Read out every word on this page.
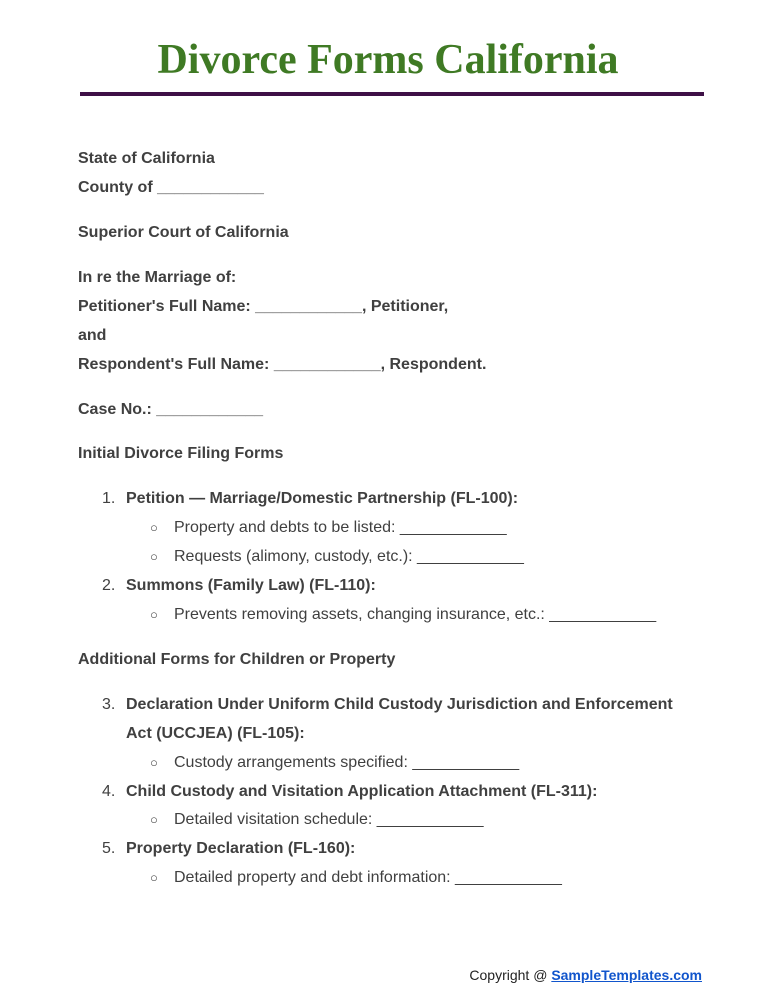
Divorce Forms California
State of California
County of ____________
Superior Court of California
In re the Marriage of:
Petitioner's Full Name: ____________, Petitioner,
and
Respondent's Full Name: ____________, Respondent.
Case No.: ____________
Initial Divorce Filing Forms
1. Petition — Marriage/Domestic Partnership (FL-100):
○ Property and debts to be listed: ____________
○ Requests (alimony, custody, etc.): ____________
2. Summons (Family Law) (FL-110):
○ Prevents removing assets, changing insurance, etc.: ____________
Additional Forms for Children or Property
3. Declaration Under Uniform Child Custody Jurisdiction and Enforcement
Act (UCCJEA) (FL-105):
○ Custody arrangements specified: ____________
4. Child Custody and Visitation Application Attachment (FL-311):
○ Detailed visitation schedule: ____________
5. Property Declaration (FL-160):
○ Detailed property and debt information: ____________
Copyright @ SampleTemplates.com
